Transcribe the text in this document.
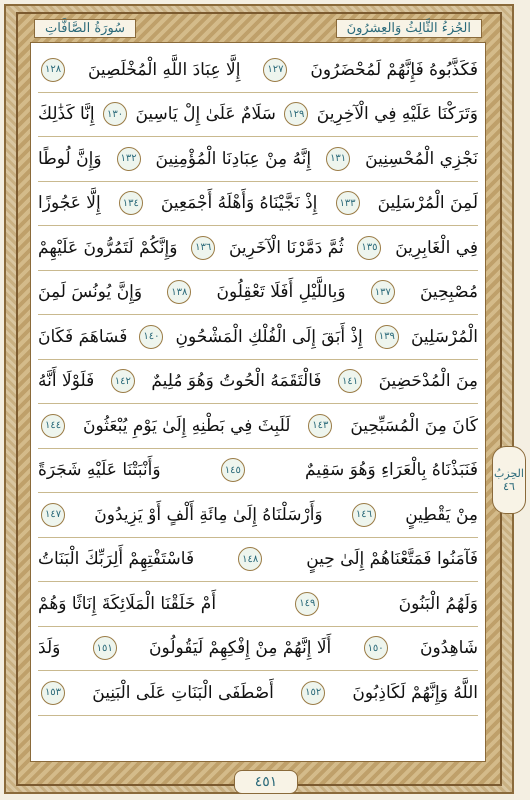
سُورَةُ الصَّافَّاتِ	الجُزءُ الثَّالِثُ وَالعِشرُونَ
فَكَذَّبُوهُ فَإِنَّهُمْ لَمُحْضَرُونَ
١٢٧
إِلَّا عِبَادَ اللَّهِ الْمُخْلَصِينَ
١٢٨
وَتَرَكْنَا عَلَيْهِ فِي الْآخِرِينَ
١٢٩
سَلَامٌ عَلَىٰ إِلْ يَاسِينَ
١٣٠
إِنَّا كَذَٰلِكَ
نَجْزِي الْمُحْسِنِينَ
١٣١
إِنَّهُ مِنْ عِبَادِنَا الْمُؤْمِنِينَ
١٣٢
وَإِنَّ لُوطًا
لَمِنَ الْمُرْسَلِينَ
١٣٣
إِذْ نَجَّيْنَاهُ وَأَهْلَهُ أَجْمَعِينَ
١٣٤
إِلَّا عَجُوزًا
فِي الْغَابِرِينَ
١٣٥
ثُمَّ دَمَّرْنَا الْآخَرِينَ
١٣٦
وَإِنَّكُمْ لَتَمُرُّونَ عَلَيْهِمْ
مُصْبِحِينَ
١٣٧
وَبِاللَّيْلِ أَفَلَا تَعْقِلُونَ
١٣٨
وَإِنَّ يُونُسَ لَمِنَ
الْمُرْسَلِينَ
١٣٩
إِذْ أَبَقَ إِلَى الْفُلْكِ الْمَشْحُونِ
١٤٠
فَسَاهَمَ فَكَانَ
مِنَ الْمُدْحَضِينَ
١٤١
فَالْتَقَمَهُ الْحُوتُ وَهُوَ مُلِيمٌ
١٤٢
فَلَوْلَا أَنَّهُ
كَانَ مِنَ الْمُسَبِّحِينَ
١٤٣
لَلَبِثَ فِي بَطْنِهِ إِلَىٰ يَوْمِ يُبْعَثُونَ
١٤٤
فَنَبَذْنَاهُ بِالْعَرَاءِ وَهُوَ سَقِيمٌ
١٤٥
وَأَنْبَتْنَا عَلَيْهِ شَجَرَةً
مِنْ يَقْطِينٍ
١٤٦
وَأَرْسَلْنَاهُ إِلَىٰ مِائَةِ أَلْفٍ أَوْ يَزِيدُونَ
١٤٧
فَآمَنُوا فَمَتَّعْنَاهُمْ إِلَىٰ حِينٍ
١٤٨
فَاسْتَفْتِهِمْ أَلِرَبِّكَ الْبَنَاتُ
وَلَهُمُ الْبَنُونَ
١٤٩
أَمْ خَلَقْنَا الْمَلَائِكَةَ إِنَاثًا وَهُمْ
شَاهِدُونَ
١٥٠
أَلَا إِنَّهُمْ مِنْ إِفْكِهِمْ لَيَقُولُونَ
١٥١
وَلَدَ
اللَّهُ وَإِنَّهُمْ لَكَاذِبُونَ
١٥٢
أَصْطَفَى الْبَنَاتِ عَلَى الْبَنِينَ
١٥٣
الحِزبُ
٤٦
٤٥١
